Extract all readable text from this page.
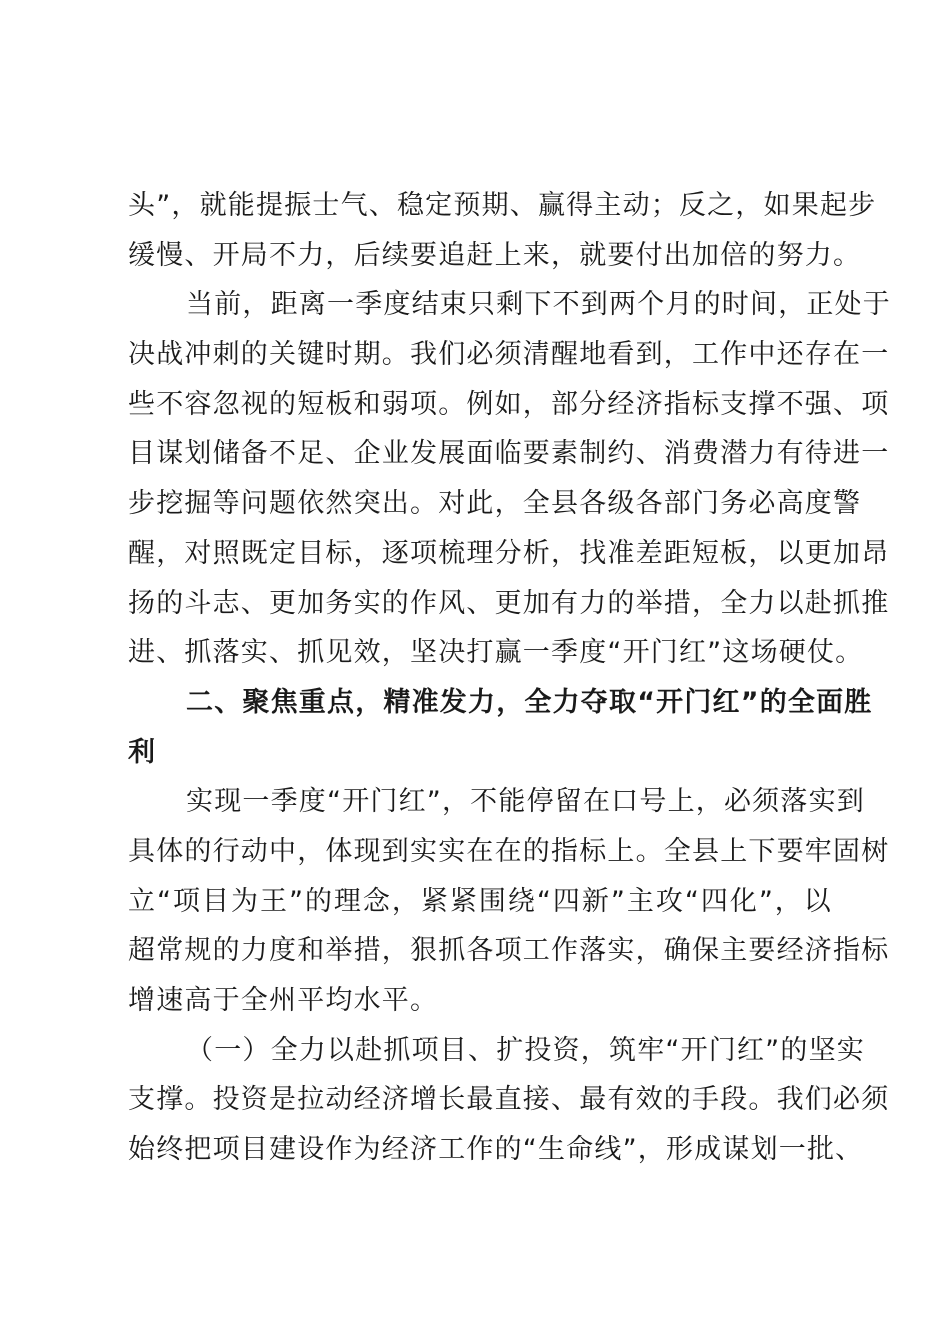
头”，就能提振士气、稳定预期、赢得主动；反之，如果起步
缓慢、开局不力，后续要追赶上来，就要付出加倍的努力。
当前，距离一季度结束只剩下不到两个月的时间，正处于
决战冲刺的关键时期。我们必须清醒地看到，工作中还存在一
些不容忽视的短板和弱项。例如，部分经济指标支撑不强、项
目谋划储备不足、企业发展面临要素制约、消费潜力有待进一
步挖掘等问题依然突出。对此，全县各级各部门务必高度警
醒，对照既定目标，逐项梳理分析，找准差距短板，以更加昂
扬的斗志、更加务实的作风、更加有力的举措，全力以赴抓推
进、抓落实、抓见效，坚决打赢一季度“开门红”这场硬仗。
二、聚焦重点，精准发力，全力夺取“开门红”的全面胜
利
实现一季度“开门红”，不能停留在口号上，必须落实到
具体的行动中，体现到实实在在的指标上。全县上下要牢固树
立“项目为王”的理念，紧紧围绕“四新”主攻“四化”，以
超常规的力度和举措，狠抓各项工作落实，确保主要经济指标
增速高于全州平均水平。
（一）全力以赴抓项目、扩投资，筑牢“开门红”的坚实
支撑。投资是拉动经济增长最直接、最有效的手段。我们必须
始终把项目建设作为经济工作的“生命线”，形成谋划一批、
